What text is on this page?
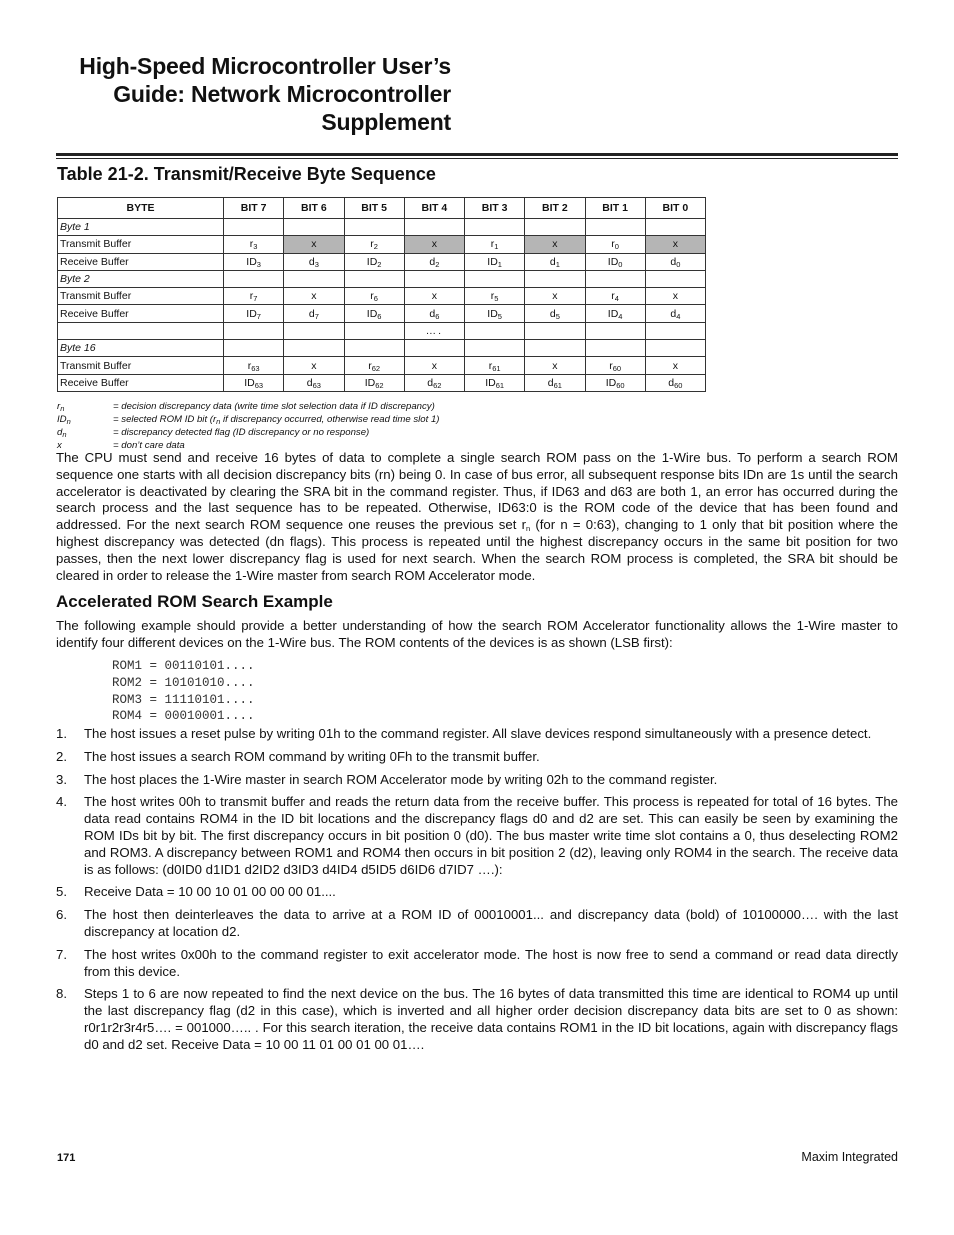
High-Speed Microcontroller User’s
Guide: Network Microcontroller
Supplement
Table 21-2. Transmit/Receive Byte Sequence
BYTE	BIT 7	BIT 6	BIT 5	BIT 4	BIT 3	BIT 2	BIT 1	BIT 0
Byte 1								
Transmit Buffer	$r_3$	x	$r_2$	x	$r_1$	x	$r_0$	x
Receive Buffer	$ID_3$	$d_3$	$ID_2$	$d_2$	$ID_1$	$d_1$	$ID_0$	$d_0$
Byte 2								
Transmit Buffer	$r_7$	x	$r_6$	x	$r_5$	x	$r_4$	x
Receive Buffer	$ID_7$	$d_7$	$ID_6$	$d_6$	$ID_5$	$d_5$	$ID_4$	$d_4$
				….				
Byte 16								
Transmit Buffer	$r_{63}$	x	$r_{62}$	x	$r_{61}$	x	$r_{60}$	x
Receive Buffer	$ID_{63}$	$d_{63}$	$ID_{62}$	$d_{62}$	$ID_{61}$	$d_{61}$	$ID_{60}$	$d_{60}$
$r_n$	= decision discrepancy data (write time slot selection data if ID discrepancy)
$ID_n$	= selected ROM ID bit ($r_n$ if discrepancy occurred, otherwise read time slot 1)
$d_n$	= discrepancy detected flag (ID discrepancy or no response)
x	= don’t care data
The CPU must send and receive 16 bytes of data to complete a single search ROM pass on the 1-Wire bus. To perform a search ROM sequence one starts with all decision discrepancy bits (rn) being 0. In case of bus error, all subsequent response bits IDn are 1s until the search accelerator is deactivated by clearing the SRA bit in the command register. Thus, if ID63 and d63 are both 1, an error has occurred during the search process and the last sequence has to be repeated. Otherwise, ID63:0 is the ROM code of the device that has been found and addressed. For the next search ROM sequence one reuses the previous set $r_n$ (for n = 0:63), changing to 1 only that bit position where the highest discrepancy was detected (dn flags). This process is repeated until the highest discrepancy occurs in the same bit position for two passes, then the next lower discrepancy flag is used for next search. When the search ROM process is completed, the SRA bit should be cleared in order to release the 1-Wire master from search ROM Accelerator mode.
Accelerated ROM Search Example
The following example should provide a better understanding of how the search ROM Accelerator functionality allows the 1-Wire master to identify four different devices on the 1-Wire bus. The ROM contents of the devices is as shown (LSB first):
ROM1 = 00110101....
ROM2 = 10101010....
ROM3 = 11110101....
ROM4 = 00010001....
1.	The host issues a reset pulse by writing 01h to the command register. All slave devices respond simultaneously with a presence detect.
2.	The host issues a search ROM command by writing 0Fh to the transmit buffer.
3.	The host places the 1-Wire master in search ROM Accelerator mode by writing 02h to the command register.
4.	The host writes 00h to transmit buffer and reads the return data from the receive buffer. This process is repeated for total of 16 bytes. The data read contains ROM4 in the ID bit locations and the discrepancy flags d0 and d2 are set. This can easily be seen by examining the ROM IDs bit by bit. The first discrepancy occurs in bit position 0 (d0). The bus master write time slot contains a 0, thus deselecting ROM2 and ROM3. A discrepancy between ROM1 and ROM4 then occurs in bit position 2 (d2), leaving only ROM4 in the search. The receive data is as follows: (d0ID0 d1ID1 d2ID2 d3ID3 d4ID4 d5ID5 d6ID6 d7ID7 ….):
5.	Receive Data = 10 00 10 01 00 00 00 01....
6.	The host then deinterleaves the data to arrive at a ROM ID of 00010001... and discrepancy data (bold) of 10100000…. with the last discrepancy at location d2.
7.	The host writes 0x00h to the command register to exit accelerator mode. The host is now free to send a command or read data directly from this device.
8.	Steps 1 to 6 are now repeated to find the next device on the bus. The 16 bytes of data transmitted this time are identical to ROM4 up until the last discrepancy flag (d2 in this case), which is inverted and all higher order decision discrepancy data bits are set to 0 as shown: r0r1r2r3r4r5…. = 001000….. . For this search iteration, the receive data contains ROM1 in the ID bit locations, again with discrepancy flags d0 and d2 set. Receive Data = 10 00 11 01 00 01 00 01….
171	Maxim Integrated
